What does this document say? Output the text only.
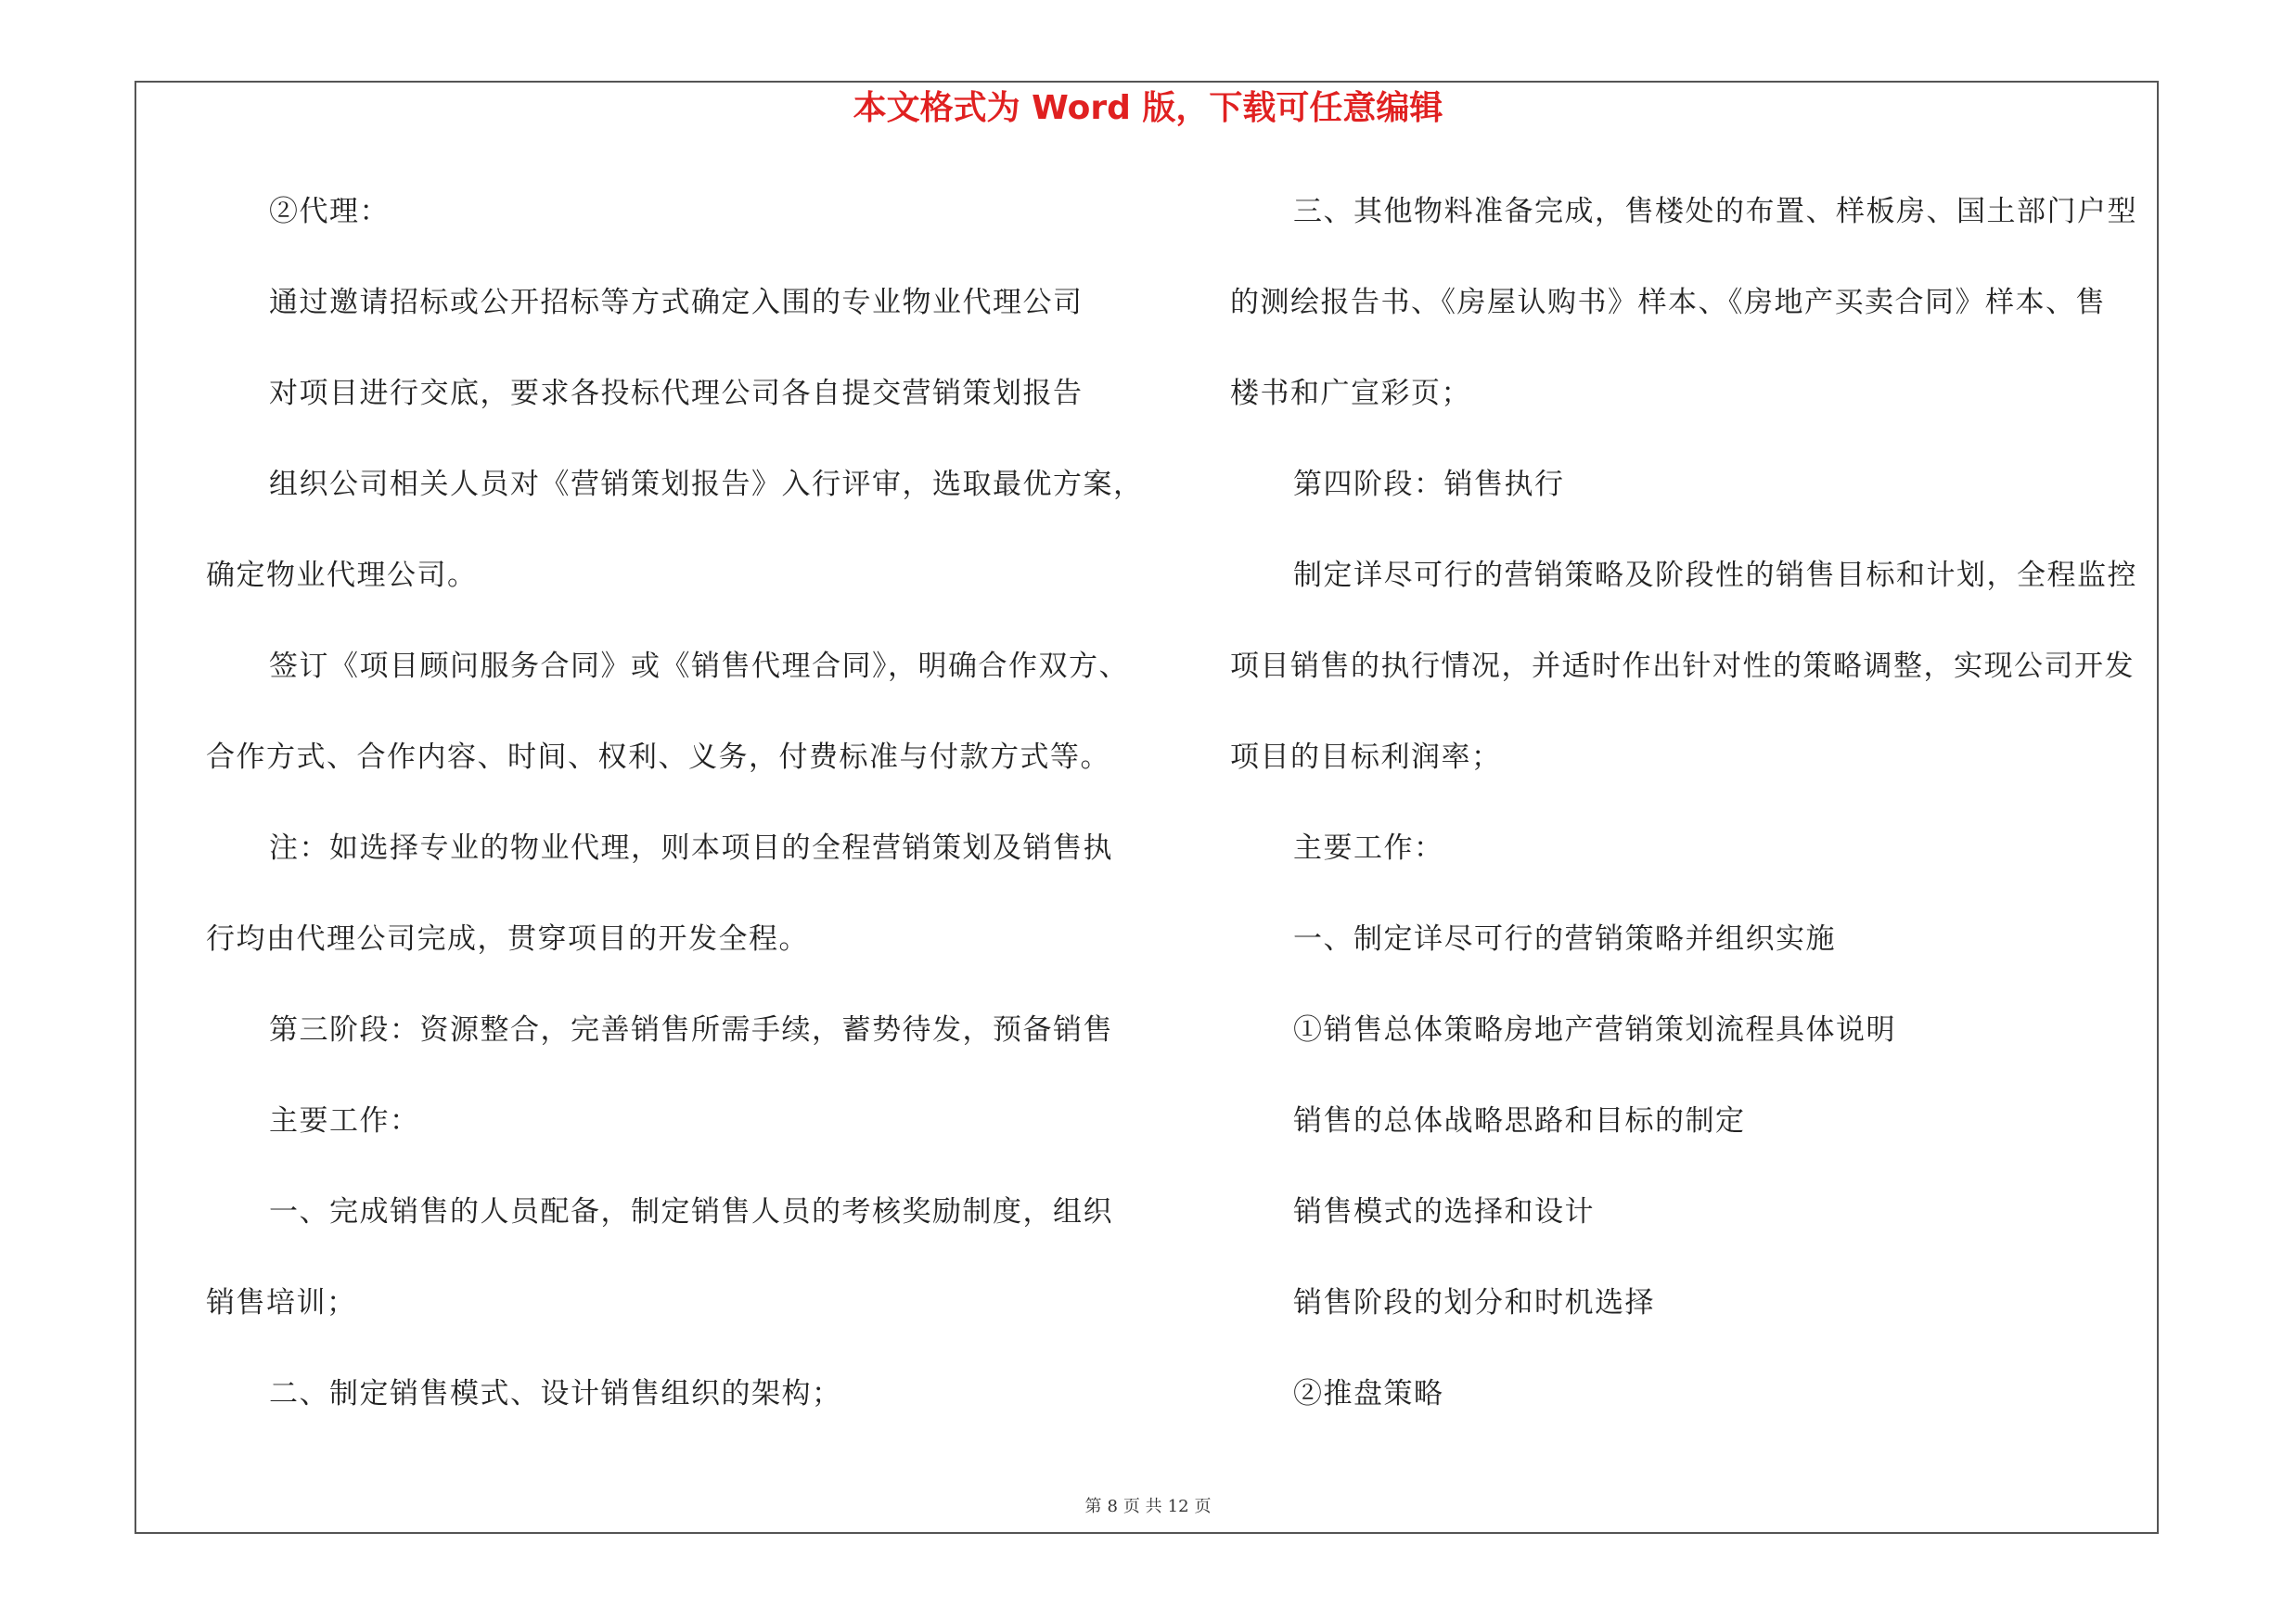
本文格式为 Word 版，下载可任意编辑
②代理：
通过邀请招标或公开招标等方式确定入围的专业物业代理公司
对项目进行交底，要求各投标代理公司各自提交营销策划报告
组织公司相关人员对《营销策划报告》入行评审，选取最优方案，
确定物业代理公司。
签订《项目顾问服务合同》或《销售代理合同》，明确合作双方、
合作方式、合作内容、时间、权利、义务，付费标准与付款方式等。
注：如选择专业的物业代理，则本项目的全程营销策划及销售执
行均由代理公司完成，贯穿项目的开发全程。
第三阶段：资源整合，完善销售所需手续，蓄势待发，预备销售
主要工作：
一、完成销售的人员配备，制定销售人员的考核奖励制度，组织
销售培训；
二、制定销售模式、设计销售组织的架构；
三、其他物料准备完成，售楼处的布置、样板房、国土部门户型
的测绘报告书、《房屋认购书》样本、《房地产买卖合同》样本、售
楼书和广宣彩页；
第四阶段：销售执行
制定详尽可行的营销策略及阶段性的销售目标和计划，全程监控
项目销售的执行情况，并适时作出针对性的策略调整，实现公司开发
项目的目标利润率；
主要工作：
一、制定详尽可行的营销策略并组织实施
①销售总体策略房地产营销策划流程具体说明
销售的总体战略思路和目标的制定
销售模式的选择和设计
销售阶段的划分和时机选择
②推盘策略
第 8 页 共 12 页
